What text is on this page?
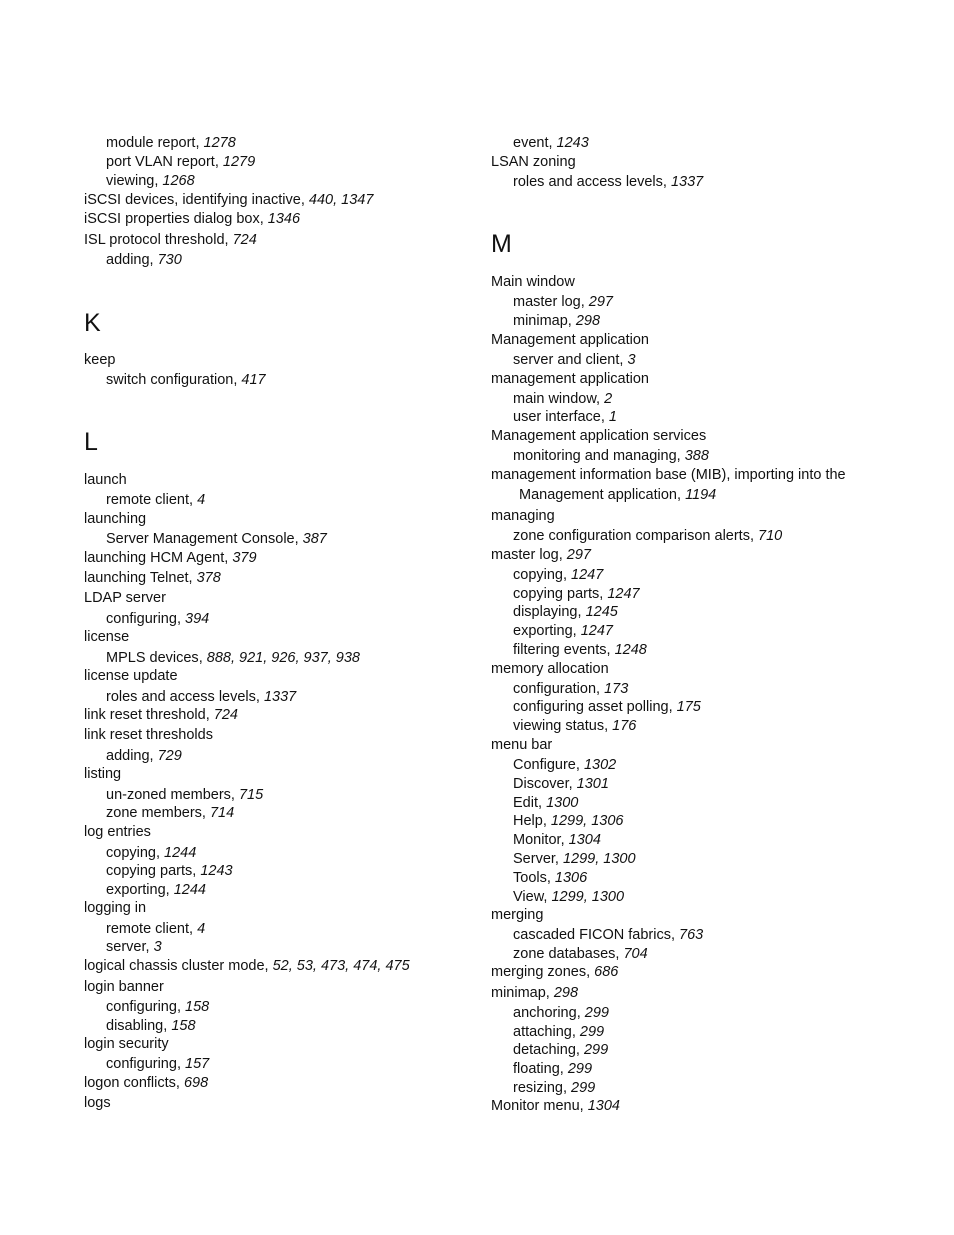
module report, 1278
port VLAN report, 1279
viewing, 1268
iSCSI devices, identifying inactive, 440, 1347
iSCSI properties dialog box, 1346
ISL protocol threshold, 724
adding, 730
K
keep
switch configuration, 417
L
launch
remote client, 4
launching
Server Management Console, 387
launching HCM Agent, 379
launching Telnet, 378
LDAP server
configuring, 394
license
MPLS devices, 888, 921, 926, 937, 938
license update
roles and access levels, 1337
link reset threshold, 724
link reset thresholds
adding, 729
listing
un-zoned members, 715
zone members, 714
log entries
copying, 1244
copying parts, 1243
exporting, 1244
logging in
remote client, 4
server, 3
logical chassis cluster mode, 52, 53, 473, 474, 475
login banner
configuring, 158
disabling, 158
login security
configuring, 157
logon conflicts, 698
logs
event, 1243
LSAN zoning
roles and access levels, 1337
M
Main window
master log, 297
minimap, 298
Management application
server and client, 3
management application
main window, 2
user interface, 1
Management application services
monitoring and managing, 388
management information base (MIB), importing into the
Management application, 1194
managing
zone configuration comparison alerts, 710
master log, 297
copying, 1247
copying parts, 1247
displaying, 1245
exporting, 1247
filtering events, 1248
memory allocation
configuration, 173
configuring asset polling, 175
viewing status, 176
menu bar
Configure, 1302
Discover, 1301
Edit, 1300
Help, 1299, 1306
Monitor, 1304
Server, 1299, 1300
Tools, 1306
View, 1299, 1300
merging
cascaded FICON fabrics, 763
zone databases, 704
merging zones, 686
minimap, 298
anchoring, 299
attaching, 299
detaching, 299
floating, 299
resizing, 299
Monitor menu, 1304
